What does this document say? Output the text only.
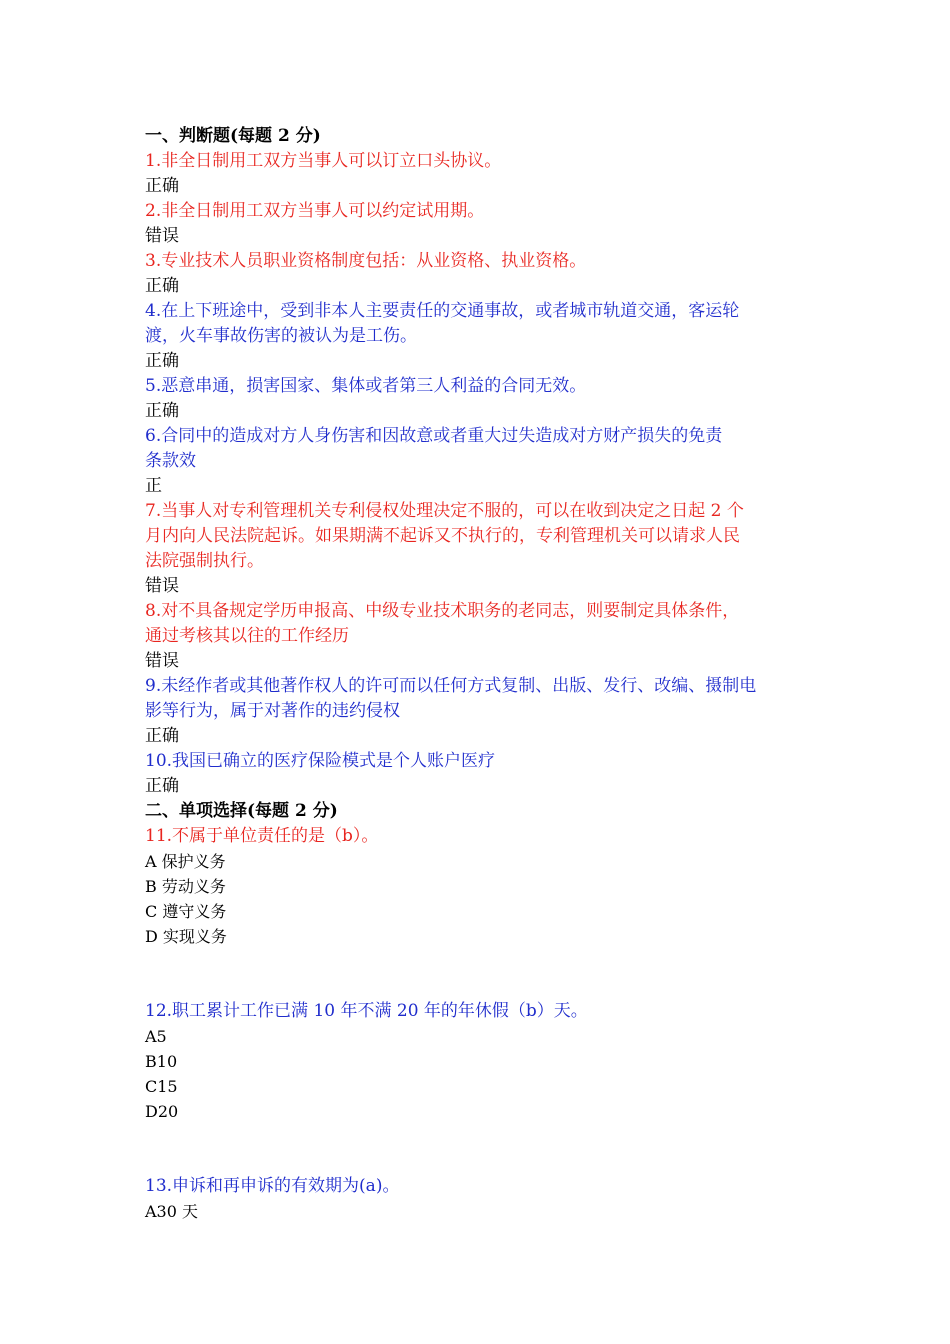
一、判断题(每题 2 分)
1.非全日制用工双方当事人可以订立口头协议。
正确
2.非全日制用工双方当事人可以约定试用期。
错误
3.专业技术人员职业资格制度包括：从业资格、执业资格。
正确
4.在上下班途中，受到非本人主要责任的交通事故，或者城市轨道交通，客运轮
渡，火车事故伤害的被认为是工伤。
正确
5.恶意串通，损害国家、集体或者第三人利益的合同无效。
正确
6.合同中的造成对方人身伤害和因故意或者重大过失造成对方财产损失的免责
条款效
正
7.当事人对专利管理机关专利侵权处理决定不服的，可以在收到决定之日起 2 个
月内向人民法院起诉。如果期满不起诉又不执行的，专利管理机关可以请求人民
法院强制执行。
错误
8.对不具备规定学历申报高、中级专业技术职务的老同志，则要制定具体条件，
通过考核其以往的工作经历
错误
9.未经作者或其他著作权人的许可而以任何方式复制、出版、发行、改编、摄制电
影等行为，属于对著作的违约侵权
正确
10.我国已确立的医疗保险模式是个人账户医疗
正确
二、单项选择(每题 2 分)
11.不属于单位责任的是（b）。
A 保护义务
B 劳动义务
C 遵守义务
D 实现义务
12.职工累计工作已满 10 年不满 20 年的年休假（b）天。
A5
B10
C15
D20
13.申诉和再申诉的有效期为(a)。
A30 天
